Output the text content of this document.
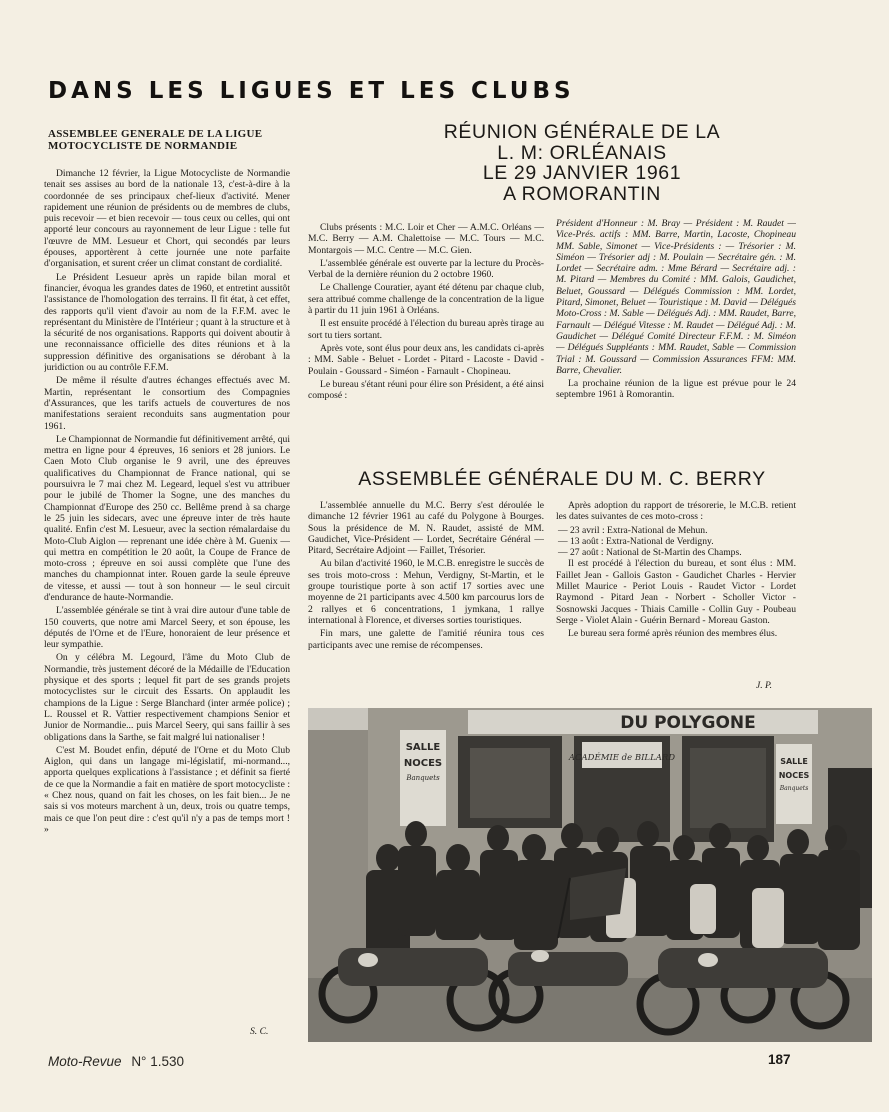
DANS LES LIGUES ET LES CLUBS
ASSEMBLEE GENERALE DE LA LIGUE MOTOCYCLISTE DE NORMANDIE

Dimanche 12 février, la Ligue Motocycliste de Normandie tenait ses assises au bord de la nationale 13, c'est-à-dire à la coordonnée de ses principaux chef-lieux d'activité. Mener rapidement une réunion de présidents ou de membres de clubs, puis recevoir — et bien recevoir — tous ceux ou celles, qui ont apporté leur concours au rayonnement de leur Ligue : telle fut l'œuvre de MM. Lesueur et Chort, qui secondés par leurs épouses, apportèrent à cette journée une note parfaite d'organisation, et surent créer un climat constant de cordialité.

Le Président Lesueur après un rapide bilan moral et financier, évoqua les grandes dates de 1960, et entretint aussitôt l'assistance de l'homologation des terrains. Il fit état, à cet effet, des rapports qu'il vient d'avoir au nom de la F.F.M. avec le représentant du Ministère de l'Intérieur ; quant à la structure et à la sécurité de nos organisations. Rapports qui doivent aboutir à une reconnaissance officielle des dites réunions et à la suppression définitive des organisations se dérobant à la juridiction ou au contrôle F.F.M.

De même il résulte d'autres échanges effectués avec M. Martin, représentant le consortium des Compagnies d'Assurances, que les tarifs actuels de couvertures de nos manifestations seraient reconduits sans augmentation pour 1961.

Le Championnat de Normandie fut définitivement arrêté, qui mettra en ligne pour 4 épreuves, 16 seniors et 28 juniors. Le Caen Moto Club organise le 9 avril, une des épreuves qualificatives du Championnat de France national, qui se poursuivra le 7 mai chez M. Legeard, lequel s'est vu attribuer pour le jubilé de Thomer la Sogne, une des manches du Championnat d'Europe des 250 cc. Bellême prend à sa charge le 25 juin les sidecars, avec une épreuve inter de très haute qualité. Enfin c'est M. Lesueur, avec la section rémalardaise du Moto-Club Aiglon — reprenant une idée chère à M. Guenix — qui mettra en compétition le 20 août, la Coupe de France de moto-cross ; épreuve en soi aussi complète que l'une des manches du championnat inter. Rouen garde la seule épreuve de vitesse, et aussi — tout à son honneur — le seul circuit d'endurance de haute-Normandie.

L'assemblée générale se tint à vrai dire autour d'une table de 150 couverts, que notre ami Marcel Seery, et son épouse, les députés de l'Orne et de l'Eure, honoraient de leur présence et leur sympathie.

On y célébra M. Legourd, l'âme du Moto Club de Normandie, très justement décoré de la Médaille de l'Education physique et des sports ; lequel fit part de ses grands projets motocyclistes sur le circuit des Essarts. On applaudit les champions de la Ligue : Serge Blanchard (inter armée police) ; L. Roussel et R. Vattier respectivement champions Senior et Junior de Normandie... puis Marcel Seery, qui sans faillir à ses obligations dans la Sarthe, se fait malgré lui nationaliser !

C'est M. Boudet enfin, député de l'Orne et du Moto Club Aiglon, qui dans un langage mi-législatif, mi-normand..., apporta quelques explications à l'assistance ; et définit sa fierté de ce que la Normandie a fait en matière de sport motocycliste : « Chez nous, quand on fait les choses, on les fait bien... Je ne sais si vos moteurs marchent à un, deux, trois ou quatre temps, mais ce que l'on peut dire : c'est qu'il n'y a pas de temps mort ! »

S. C.
RÉUNION GÉNÉRALE DE LA
L. M: ORLÉANAIS
LE 29 JANVIER 1961
A ROMORANTIN

Clubs présents : M.C. Loir et Cher — A.M.C. Orléans — M.C. Berry — A.M. Chalettoise — M.C. Tours — M.C. Montargois — M.C. Centre — M.C. Gien.

L'assemblée générale est ouverte par la lecture du Procès-Verbal de la dernière réunion du 2 octobre 1960.

Le Challenge Couratier, ayant été détenu par chaque club, sera attribué comme challenge de la concentration de la ligue à partir du 11 juin 1961 à Orléans.

Il est ensuite procédé à l'élection du bureau après tirage au sort tu tiers sortant.

Après vote, sont élus pour deux ans, les candidats ci-après : MM. Sable - Beluet - Lordet - Pitard - Lacoste - David - Poulain - Goussard - Siméon - Farnault - Chopineau.

Le bureau s'étant réuni pour élire son Président, a été ainsi composé :

Président d'Honneur : M. Bray — Président : M. Raudet — Vice-Prés. actifs : MM. Barre, Martin, Lacoste, Chopineau MM. Sable, Simonet — Vice-Présidents : — Trésorier : M. Siméon — Trésorier adj : M. Poulain — Secrétaire gén. : M. Lordet — Secrétaire adm. : Mme Bérard — Secrétaire adj. : M. Pitard — Membres du Comité : MM. Galois, Gaudichet, Beluet, Goussard — Délégués Commission : MM. Lordet, Pitard, Simonet, Beluet — Touristique : M. David — Délégués Moto-Cross : M. Sable — Délégués Adj. : MM. Raudet, Barre, Farnault — Délégué Vitesse : M. Raudet — Délégué Adj. : M. Gaudichet — Délégué Comité Directeur F.F.M. : M. Siméon — Délégués Suppléants : MM. Raudet, Sable — Commission Trial : M. Goussard — Commission Assurances FFM: MM. Barre, Chevalier.

La prochaine réunion de la ligue est prévue pour le 24 septembre 1961 à Romorantin.

ASSEMBLÉE GÉNÉRALE DU M. C. BERRY

L'assemblée annuelle du M.C. Berry s'est déroulée le dimanche 12 février 1961 au café du Polygone à Bourges. Sous la présidence de M. N. Raudet, assisté de MM. Gaudichet, Vice-Président — Lordet, Secrétaire Général — Pitard, Secrétaire Adjoint — Faillet, Trésorier.

Au bilan d'activité 1960, le M.C.B. enregistre le succès de ses trois moto-cross : Mehun, Verdigny, St-Martin, et le groupe touristique porte à son actif 17 sorties avec une moyenne de 21 participants avec 4.500 km parcourus lors de 2 rallyes et 6 concentrations, 1 jymkana, 1 rallye international à Florence, et diverses sorties touristiques.

Fin mars, une galette de l'amitié réunira tous ces participants avec une remise de récompenses.

Après adoption du rapport de trésorerie, le M.C.B. retient les dates suivantes de ces moto-cross :

— 23 avril : Extra-National de Mehun.
— 13 août : Extra-National de Verdigny.
— 27 août : National de St-Martin des Champs.

Il est procédé à l'élection du bureau, et sont élus : MM. Faillet Jean - Gallois Gaston - Gaudichet Charles - Hervier Millet Maurice - Periot Louis - Raudet Victor - Lordet Raymond - Pitard Jean - Norbert - Scholler Victor - Sosnowski Jacques - Thiais Camille - Collin Guy - Poubeau Serge - Violet Alain - Guérin Bernard - Moreau Gaston.

Le bureau sera formé après réunion des membres élus.

J. P.
DU POLYGONE
ACADÉMIE de BILLARD
SALLE
NOCES
Banquets
SALLE
NOCES
Banquets
Moto-Revue N° 1.530	187
